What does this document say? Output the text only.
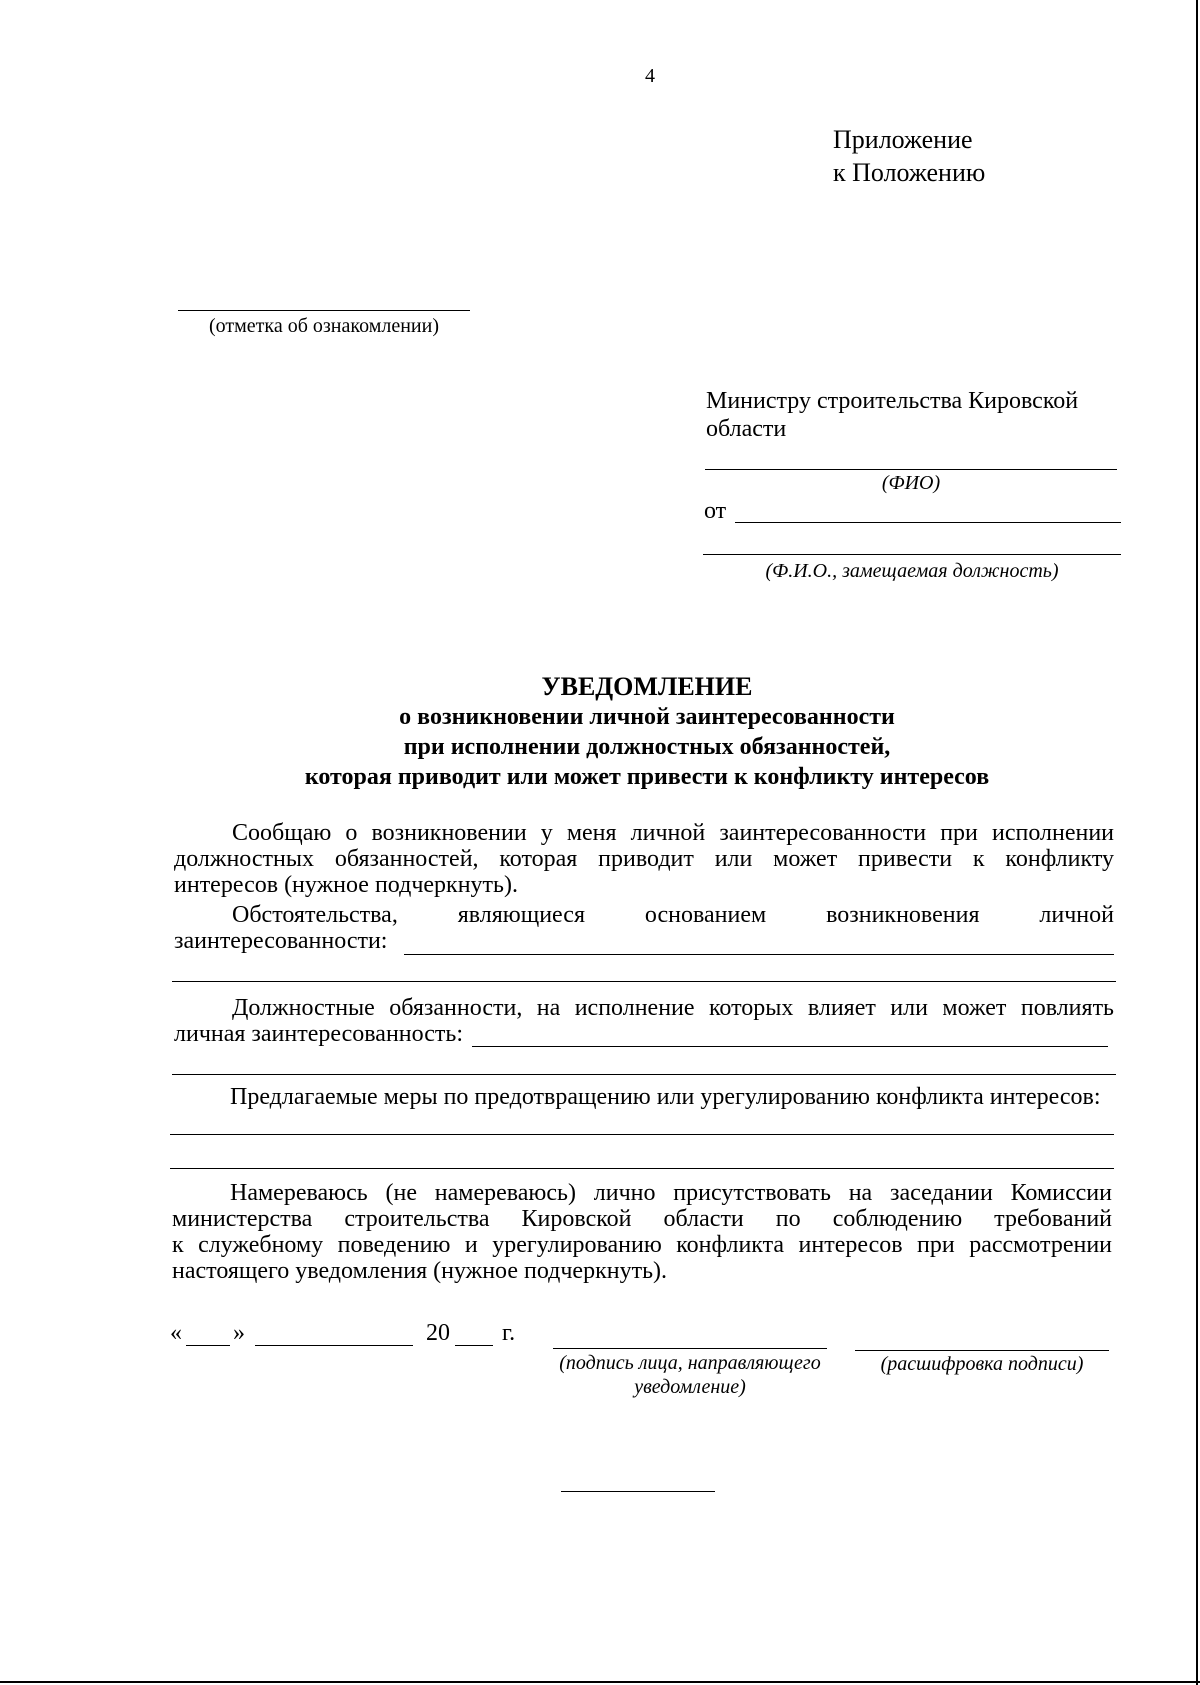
4
Приложение
к Положению
(отметка об ознакомлении)
Министру строительства Кировской
области
(ФИО)
от
(Ф.И.О., замещаемая должность)
УВЕДОМЛЕНИЕ
о возникновении личной заинтересованности
при исполнении должностных обязанностей,
которая приводит или может привести к конфликту интересов
Сообщаю о возникновении у меня личной заинтересованности при исполнении
должностных обязанностей, которая приводит или может привести к конфликту
интересов (нужное подчеркнуть).
Обстоятельства, являющиеся основанием возникновения личной
заинтересованности:
Должностные обязанности, на исполнение которых влияет или может повлиять
личная заинтересованность:
Предлагаемые меры по предотвращению или урегулированию конфликта интересов:
Намереваюсь (не намереваюсь) лично присутствовать на заседании Комиссии
министерства строительства Кировской области по соблюдению требований
к служебному поведению и урегулированию конфликта интересов при рассмотрении
настоящего уведомления (нужное подчеркнуть).
« »	20 г.
(подпись лица, направляющего
уведомление)
(расшифровка подписи)
